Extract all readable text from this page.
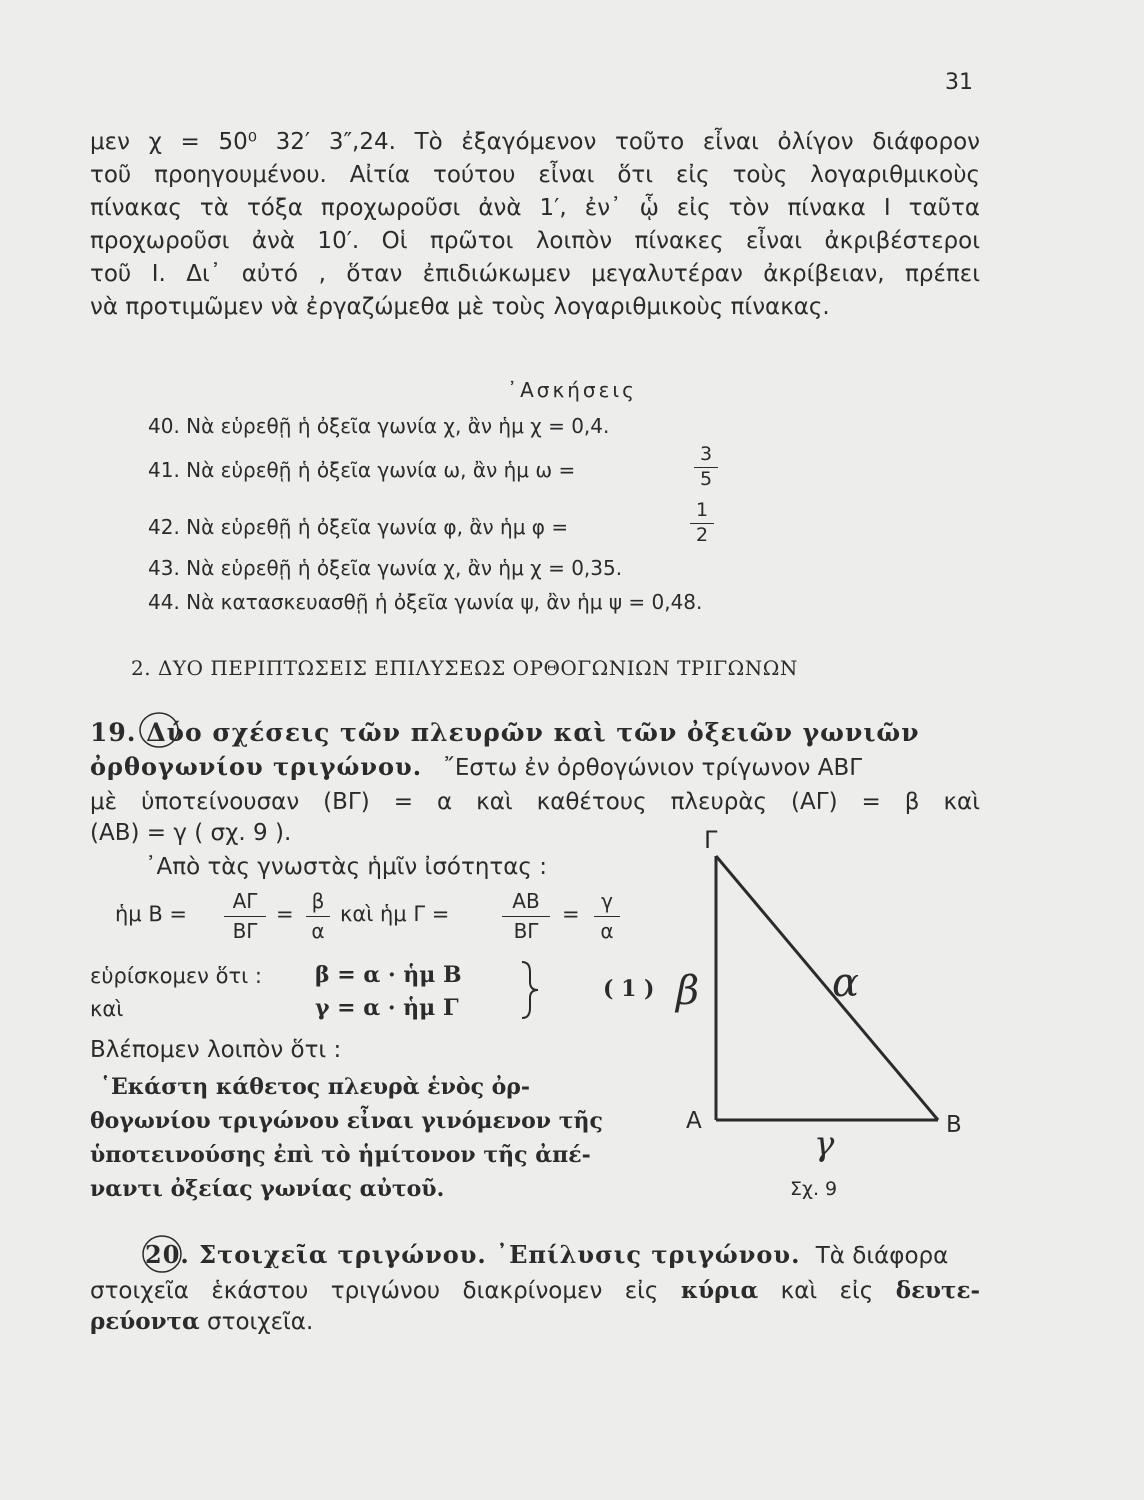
31
μεν χ = 50⁰ 32′ 3″,24. Τὸ ἐξαγόμενον τοῦτο εἶναι ὀλίγον διάφορον
τοῦ προηγουμένου. Αἰτία τούτου εἶναι ὅτι εἰς τοὺς λογαριθμικοὺς
πίνακας τὰ τόξα προχωροῦσι ἀνὰ 1′, ἐν᾽ ᾧ εἰς τὸν πίνακα Ι ταῦτα
προχωροῦσι ἀνὰ 10′. Οἱ πρῶτοι λοιπὸν πίνακες εἶναι ἀκριβέστεροι
τοῦ Ι. Δι᾽ αὐτό , ὅταν ἐπιδιώκωμεν μεγαλυτέραν ἀκρίβειαν, πρέπει
νὰ προτιμῶμεν νὰ ἐργαζώμεθα μὲ τοὺς λογαριθμικοὺς πίνακας.
᾽Ασκήσεις
40. Νὰ εὑρεθῇ ἡ ὀξεῖα γωνία χ, ἂν ἡμ χ = 0,4.
41. Νὰ εὑρεθῇ ἡ ὀξεῖα γωνία ω, ἂν ἡμ ω =
3
5
42. Νὰ εὑρεθῇ ἡ ὀξεῖα γωνία φ, ἂν ἡμ φ =
1
2
43. Νὰ εὑρεθῇ ἡ ὀξεῖα γωνία χ, ἂν ἡμ χ = 0,35.
44. Νὰ κατασκευασθῇ ἡ ὀξεῖα γωνία ψ, ἂν ἡμ ψ = 0,48.
2. ΔΥΟ ΠΕΡΙΠΤΩΣΕΙΣ ΕΠΙΛΥΣΕΩΣ ΟΡΘΟΓΩΝΙΩΝ ΤΡΙΓΩΝΩΝ
19. Δύο σχέσεις τῶν πλευρῶν καὶ τῶν ὀξειῶν γωνιῶν
ὀρθογωνίου τριγώνου. ῎Εστω ἐν ὀρθογώνιον τρίγωνον ΑΒΓ
μὲ ὑποτείνουσαν (ΒΓ) = α καὶ καθέτους πλευρὰς (ΑΓ) = β καὶ
(ΑΒ) = γ ( σχ. 9 ).
᾽Απὸ τὰς γνωστὰς ἡμῖν ἰσότητας :
ἡμ Β =
ΑΓ
ΒΓ
=
β
α
καὶ ἡμ Γ =
ΑΒ
ΒΓ
=
γ
α
εὑρίσκομεν ὅτι :
καὶ
β = α · ἡμ Β
γ = α · ἡμ Γ
( 1 )
Βλέπομεν λοιπὸν ὅτι :
῾Εκάστη κάθετος πλευρὰ ἑνὸς ὀρ-
θογωνίου τριγώνου εἶναι γινόμενον τῆς
ὑποτεινούσης ἐπὶ τὸ ἡμίτονον τῆς ἀπέ-
ναντι ὀξείας γωνίας αὐτοῦ.
Γ
Α	Β
α
β
γ
Σχ. 9
20. Στοιχεῖα τριγώνου. ᾽Επίλυσις τριγώνου. Τὰ διάφορα
στοιχεῖα ἑκάστου τριγώνου διακρίνομεν εἰς κύρια καὶ εἰς δευτε-
ρεύοντα στοιχεῖα.
